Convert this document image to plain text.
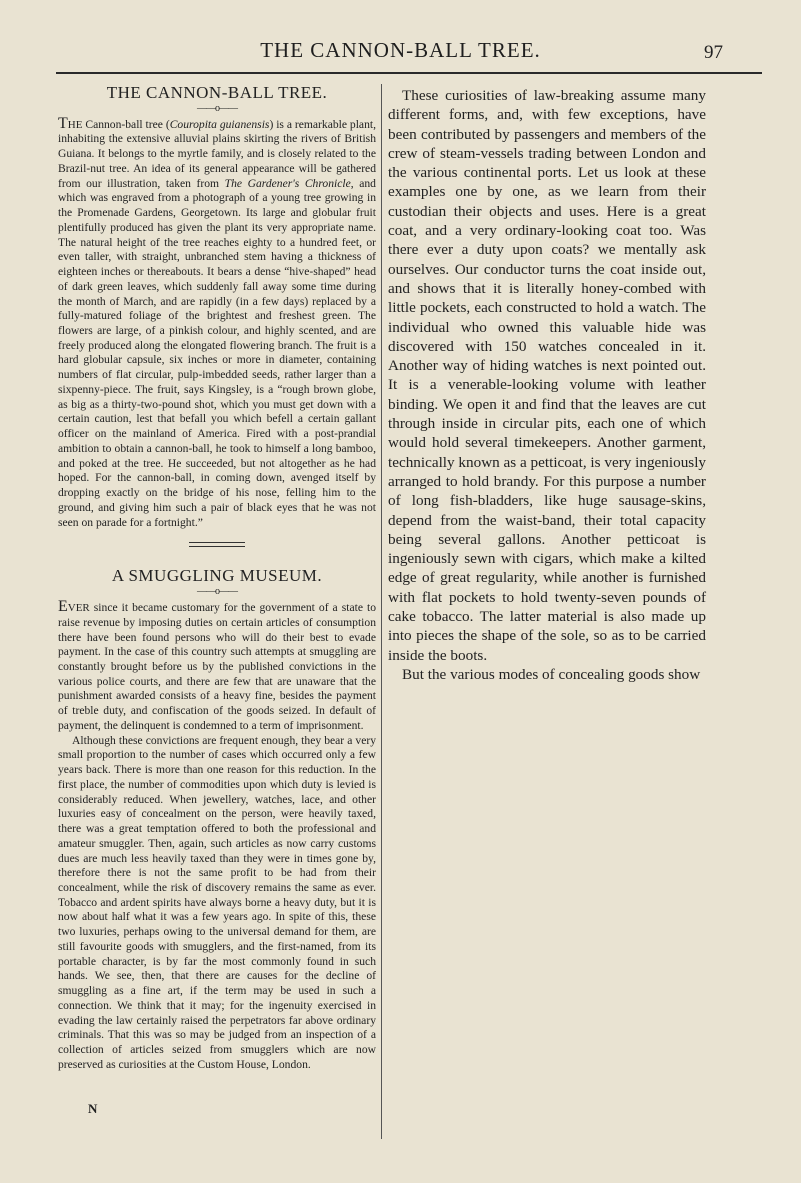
THE CANNON-BALL TREE.	97
THE CANNON-BALL TREE.
——o——

The Cannon-ball tree (Couropita guianensis) is a remarkable plant, inhabiting the extensive alluvial plains skirting the rivers of British Guiana. It belongs to the myrtle family, and is closely related to the Brazil-nut tree. An idea of its general appearance will be gathered from our illustration, taken from The Gardener's Chronicle, and which was engraved from a photograph of a young tree growing in the Promenade Gardens, Georgetown. Its large and globular fruit plentifully produced has given the plant its very appropriate name. The natural height of the tree reaches eighty to a hundred feet, or even taller, with straight, unbranched stem having a thickness of eighteen inches or thereabouts. It bears a dense “hive-shaped” head of dark green leaves, which suddenly fall away some time during the month of March, and are rapidly (in a few days) replaced by a fully-matured foliage of the brightest and freshest green. The flowers are large, of a pinkish colour, and highly scented, and are freely produced along the elongated flowering branch. The fruit is a hard globular capsule, six inches or more in diameter, containing numbers of flat circular, pulp-imbedded seeds, rather larger than a sixpenny-piece. The fruit, says Kingsley, is a “rough brown globe, as big as a thirty-two-pound shot, which you must get down with a certain caution, lest that befall you which befell a certain gallant officer on the mainland of America. Fired with a post-prandial ambition to obtain a cannon-ball, he took to himself a long bamboo, and poked at the tree. He succeeded, but not altogether as he had hoped. For the cannon-ball, in coming down, avenged itself by dropping exactly on the bridge of his nose, felling him to the ground, and giving him such a pair of black eyes that he was not seen on parade for a fortnight.”

A SMUGGLING MUSEUM.
——o——

Ever since it became customary for the government of a state to raise revenue by imposing duties on certain articles of consumption there have been found persons who will do their best to evade payment. In the case of this country such attempts at smuggling are constantly brought before us by the published convictions in the various police courts, and there are few that are unaware that the punishment awarded consists of a heavy fine, besides the payment of treble duty, and confiscation of the goods seized. In default of payment, the delinquent is condemned to a term of imprisonment.

Although these convictions are frequent enough, they bear a very small proportion to the number of cases which occurred only a few years back. There is more than one reason for this reduction. In the first place, the number of commodities upon which duty is levied is considerably reduced. When jewellery, watches, lace, and other luxuries easy of concealment on the person, were heavily taxed, there was a great temptation offered to both the professional and amateur smuggler. Then, again, such articles as now carry customs dues are much less heavily taxed than they were in times gone by, therefore there is not the same profit to be had from their concealment, while the risk of discovery remains the same as ever. Tobacco and ardent spirits have always borne a heavy duty, but it is now about half what it was a few years ago. In spite of this, these two luxuries, perhaps owing to the universal demand for them, are still favourite goods with smugglers, and the first-named, from its portable character, is by far the most commonly found in such hands. We see, then, that there are causes for the decline of smuggling as a fine art, if the term may be used in such a connection. We think that it may; for the ingenuity exercised in evading the law certainly raised the perpetrators far above ordinary criminals. That this was so may be judged from an inspection of a collection of articles seized from smugglers which are now preserved as curiosities at the Custom House, London.

These curiosities of law-breaking assume many different forms, and, with few exceptions, have been contributed by passengers and members of the crew of steam-vessels trading between London and the various continental ports. Let us look at these examples one by one, as we learn from their custodian their objects and uses. Here is a great coat, and a very ordinary-looking coat too. Was there ever a duty upon coats? we mentally ask ourselves. Our conductor turns the coat inside out, and shows that it is literally honey-combed with little pockets, each constructed to hold a watch. The individual who owned this valuable hide was discovered with 150 watches concealed in it. Another way of hiding watches is next pointed out. It is a venerable-looking volume with leather binding. We open it and find that the leaves are cut through inside in circular pits, each one of which would hold several timekeepers. Another garment, technically known as a petticoat, is very ingeniously arranged to hold brandy. For this purpose a number of long fish-bladders, like huge sausage-skins, depend from the waist-band, their total capacity being several gallons. Another petticoat is ingeniously sewn with cigars, which make a kilted edge of great regularity, while another is furnished with flat pockets to hold twenty-seven pounds of cake tobacco. The latter material is also made up into pieces the shape of the sole, so as to be carried inside the boots.

But the various modes of concealing goods show

N
